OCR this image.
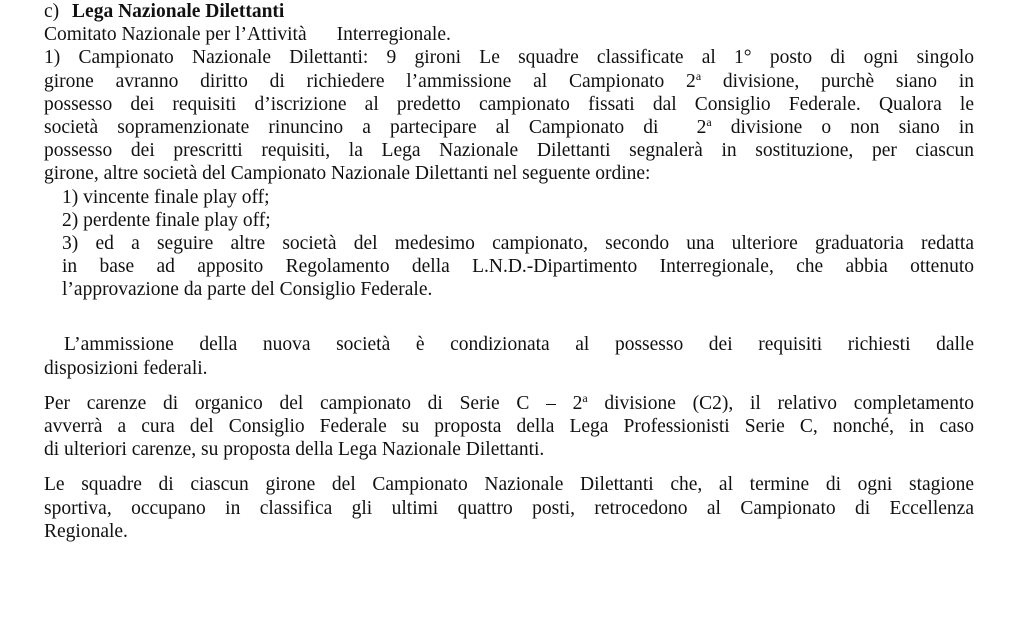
c) Lega Nazionale Dilettanti
Comitato Nazionale per l’Attività Interregionale.
1) Campionato Nazionale Dilettanti: 9 gironi Le squadre classificate al 1° posto di ogni singolo
girone avranno diritto di richiedere l’ammissione al Campionato 2$^a$ divisione, purchè siano in
possesso dei requisiti d’iscrizione al predetto campionato fissati dal Consiglio Federale. Qualora le
società sopramenzionate rinuncino a partecipare al Campionato di  2$^a$ divisione o non siano in
possesso dei prescritti requisiti, la Lega Nazionale Dilettanti segnalerà in sostituzione, per ciascun
girone, altre società del Campionato Nazionale Dilettanti nel seguente ordine:
1) vincente finale play off;
2) perdente finale play off;
3) ed a seguire altre società del medesimo campionato, secondo una ulteriore graduatoria redatta
in base ad apposito Regolamento della L.N.D.-Dipartimento Interregionale, che abbia ottenuto
l’approvazione da parte del Consiglio Federale.
L’ammissione della nuova società è condizionata al possesso dei requisiti richiesti dalle
disposizioni federali.
Per carenze di organico del campionato di Serie C – 2$^a$ divisione (C2), il relativo completamento
avverrà a cura del Consiglio Federale su proposta della Lega Professionisti Serie C, nonché, in caso
di ulteriori carenze, su proposta della Lega Nazionale Dilettanti.
Le squadre di ciascun girone del Campionato Nazionale Dilettanti che, al termine di ogni stagione
sportiva, occupano in classifica gli ultimi quattro posti, retrocedono al Campionato di Eccellenza
Regionale.
